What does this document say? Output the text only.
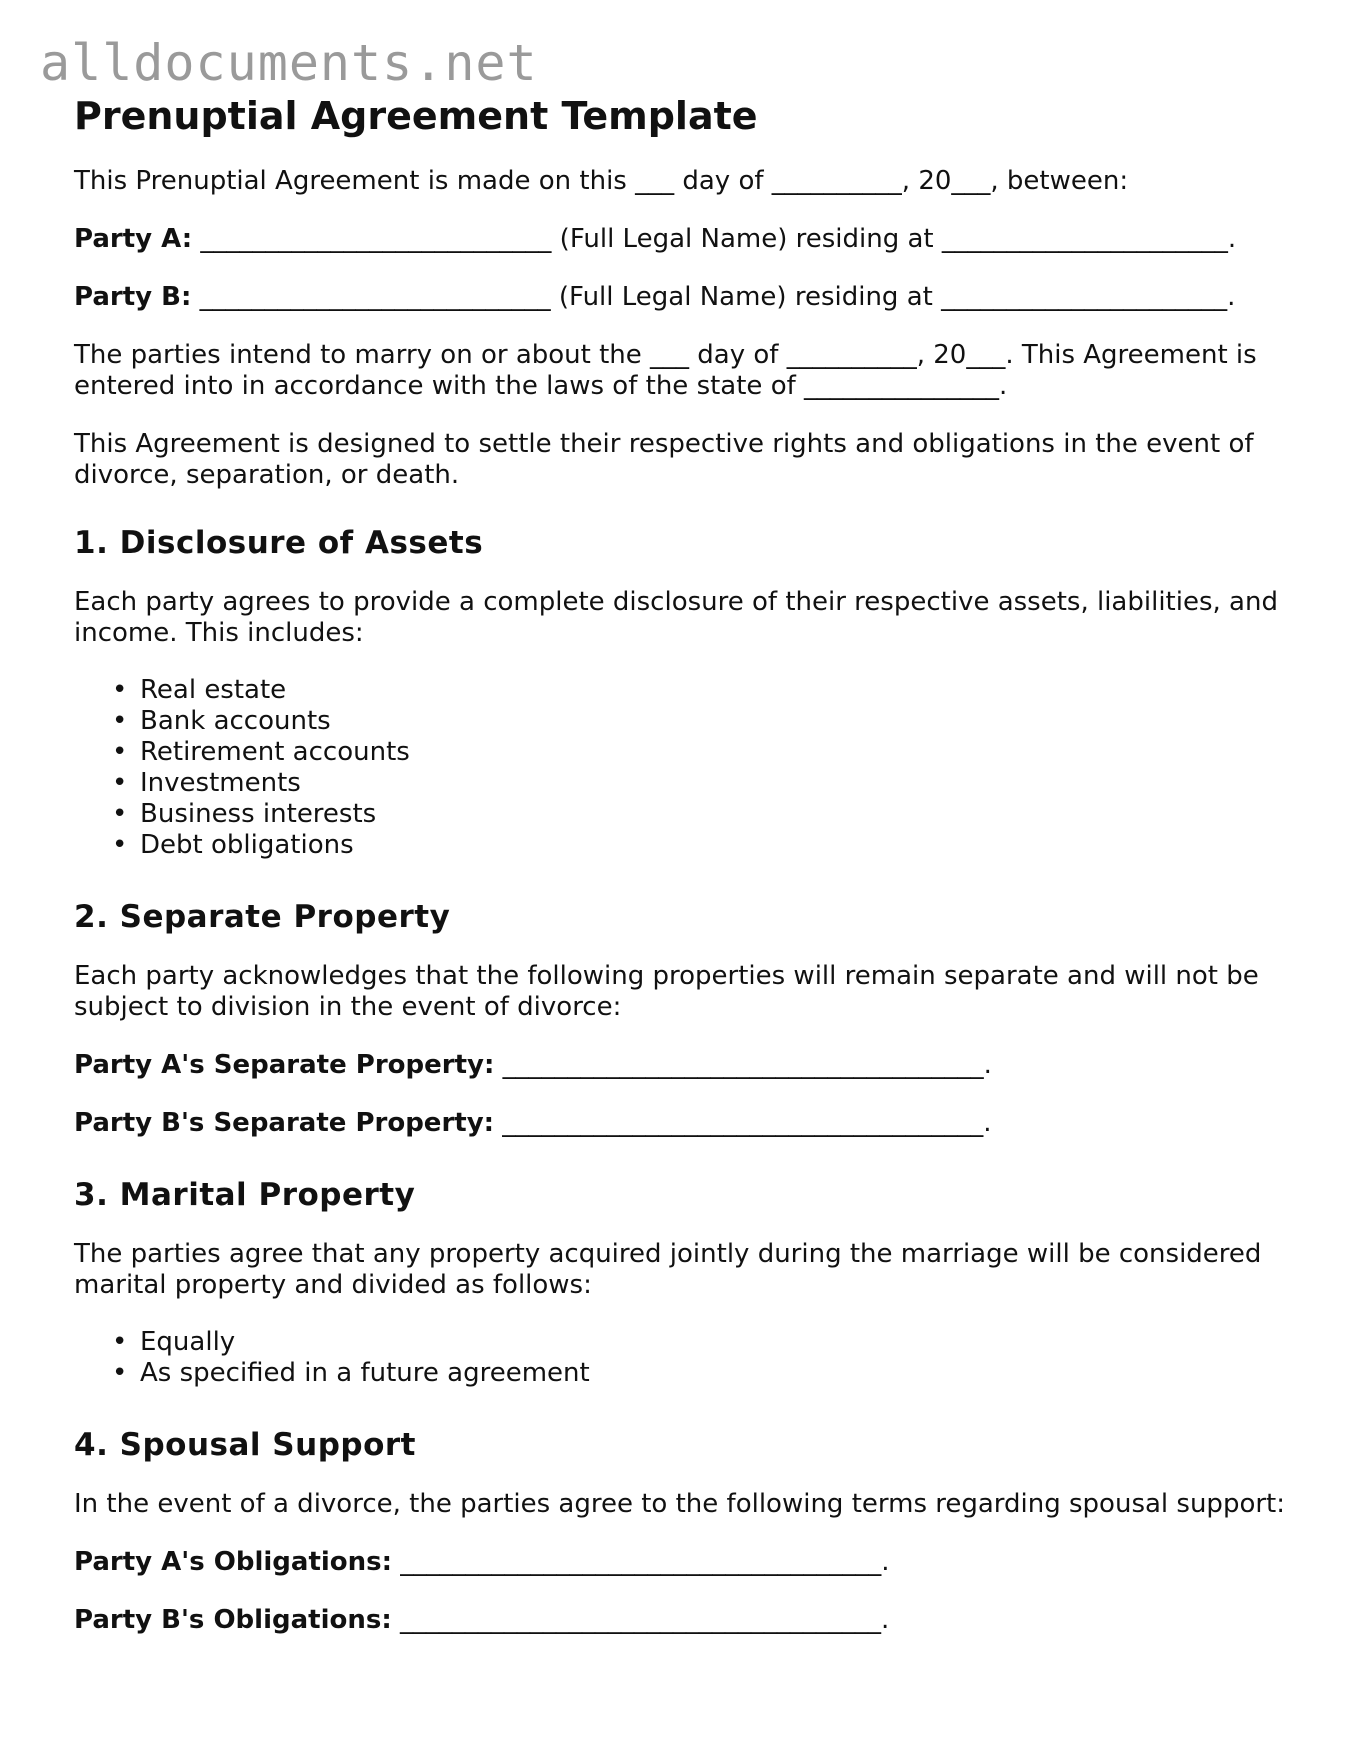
alldocuments.net
Prenuptial Agreement Template

This Prenuptial Agreement is made on this ___ day of __________, 20___, between:

Party A: ___________________________ (Full Legal Name) residing at ______________________.

Party B: ___________________________ (Full Legal Name) residing at ______________________.

The parties intend to marry on or about the ___ day of __________, 20___. This Agreement is entered into in accordance with the laws of the state of _______________.

This Agreement is designed to settle their respective rights and obligations in the event of divorce, separation, or death.

1. Disclosure of Assets

Each party agrees to provide a complete disclosure of their respective assets, liabilities, and income. This includes:

• Real estate
• Bank accounts
• Retirement accounts
• Investments
• Business interests
• Debt obligations
2. Separate Property

Each party acknowledges that the following properties will remain separate and will not be subject to division in the event of divorce:

Party A's Separate Property: _____________________________________.

Party B's Separate Property: _____________________________________.

3. Marital Property

The parties agree that any property acquired jointly during the marriage will be considered marital property and divided as follows:

• Equally
• As specified in a future agreement
4. Spousal Support

In the event of a divorce, the parties agree to the following terms regarding spousal support:

Party A's Obligations: _____________________________________.

Party B's Obligations: _____________________________________.
